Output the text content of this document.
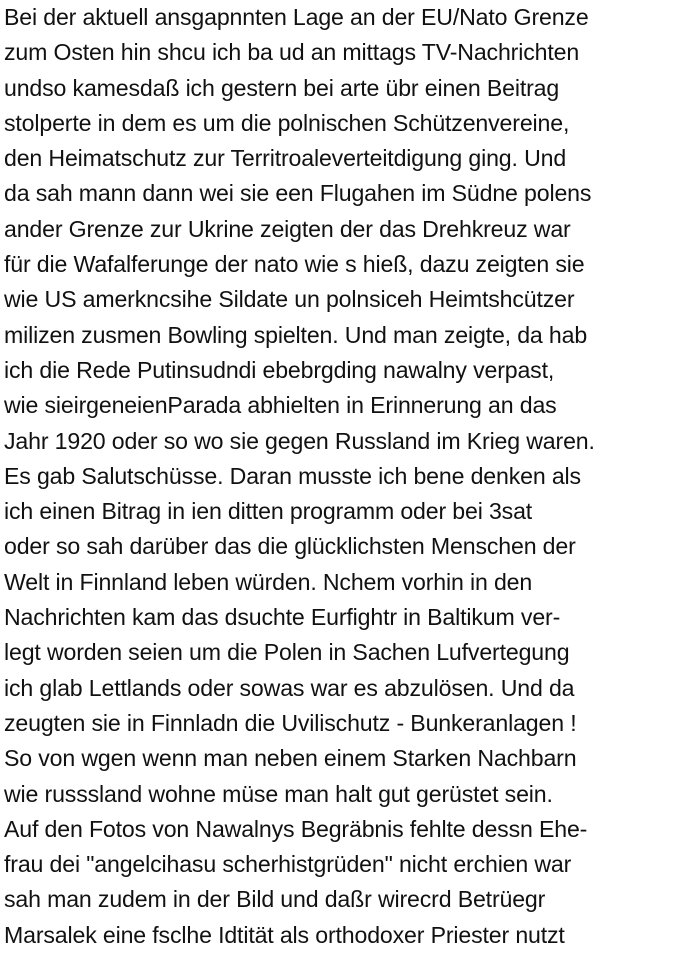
Bei der aktuell ansgapnnten Lage an der EU/Nato Grenze
zum Osten hin shcu ich ba ud an mittags TV-Nachrichten
undso kamesdaß ich gestern bei arte übr einen Beitrag
stolperte in dem es um die polnischen Schützenvereine,
den Heimatschutz zur Territroaleverteitdigung ging. Und
da sah mann dann wei sie een Flugahen im Südne polens
ander Grenze zur Ukrine zeigten der das Drehkreuz war
für die Wafalferunge der nato wie s hieß, dazu zeigten sie
wie US amerkncsihe Sildate un polnsiceh Heimtshcützer
milizen zusmen Bowling spielten. Und man zeigte, da hab
ich die Rede Putinsudndi ebebrgding nawalny verpast,
wie sieirgeneienParada abhielten in Erinnerung an das
Jahr 1920 oder so wo sie gegen Russland im Krieg waren.
Es gab Salutschüsse. Daran musste ich bene denken als
ich einen Bitrag in ien ditten programm oder bei 3sat
oder so sah darüber das die glücklichsten Menschen der
Welt in Finnland leben würden. Nchem vorhin in den
Nachrichten kam das dsuchte Eurfightr in Baltikum ver-
legt worden seien um die Polen in Sachen Lufvertegung
ich glab Lettlands oder sowas war es abzulösen. Und da
zeugten sie in Finnladn die Uvilischutz - Bunkeranlagen !
So von wgen wenn man neben einem Starken Nachbarn
wie russsland wohne müse man halt gut gerüstet sein.
Auf den Fotos von Nawalnys Begräbnis fehlte dessn Ehe-
frau dei "angelcihasu scherhistgrüden" nicht erchien war
sah man zudem in der Bild und daßr wirecrd Betrüegr
Marsalek eine fsclhe Idtität als orthodoxer Priester nutzt
